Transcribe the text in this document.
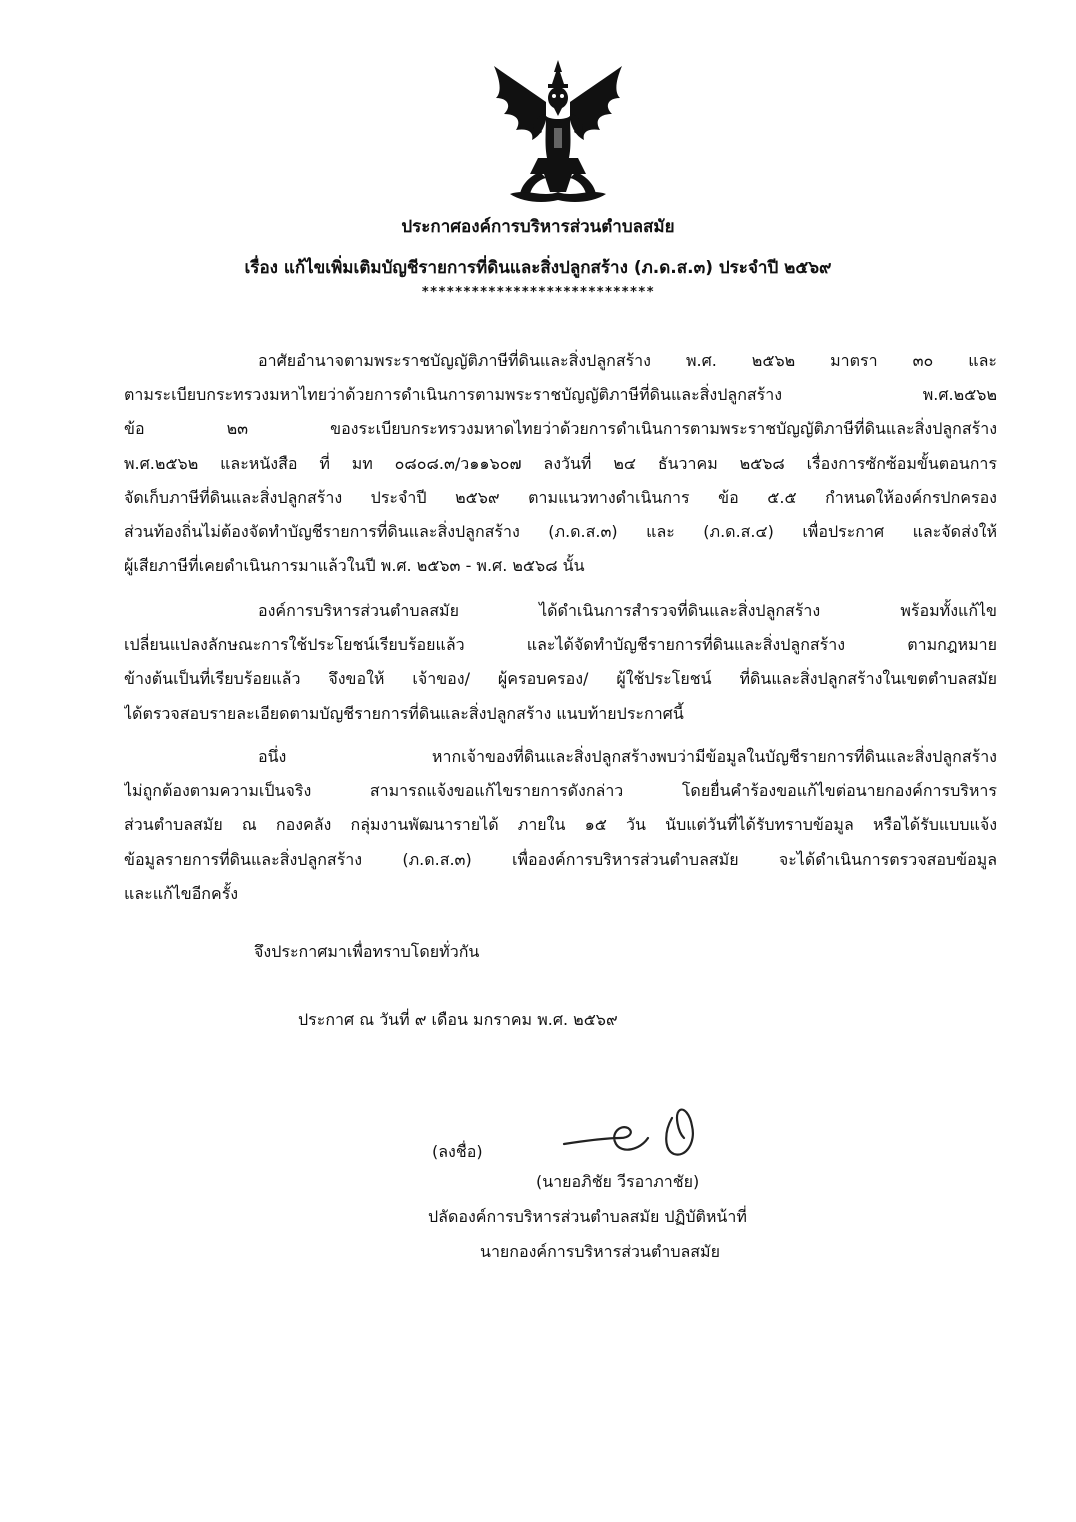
ประกาศองค์การบริหารส่วนตำบลสมัย
เรื่อง แก้ไขเพิ่มเติมบัญชีรายการที่ดินและสิ่งปลูกสร้าง (ภ.ด.ส.๓) ประจำปี ๒๕๖๙
****************************
อาศัยอำนาจตามพระราชบัญญัติภาษีที่ดินและสิ่งปลูกสร้าง พ.ศ. ๒๕๖๒ มาตรา ๓๐ และ
ตามระเบียบกระทรวงมหาไทยว่าด้วยการดำเนินการตามพระราชบัญญัติภาษีที่ดินและสิ่งปลูกสร้าง พ.ศ.๒๕๖๒
ข้อ ๒๓ ของระเบียบกระทรวงมหาดไทยว่าด้วยการดำเนินการตามพระราชบัญญัติภาษีที่ดินและสิ่งปลูกสร้าง
พ.ศ.๒๕๖๒ และหนังสือ ที่ มท ๐๘๐๘.๓/ว๑๑๖๐๗ ลงวันที่ ๒๔ ธันวาคม ๒๕๖๘ เรื่องการซักซ้อมขั้นตอนการ
จัดเก็บภาษีที่ดินและสิ่งปลูกสร้าง ประจำปี ๒๕๖๙ ตามแนวทางดำเนินการ ข้อ ๕.๕ กำหนดให้องค์กรปกครอง
ส่วนท้องถิ่นไม่ต้องจัดทำบัญชีรายการที่ดินและสิ่งปลูกสร้าง (ภ.ด.ส.๓) และ (ภ.ด.ส.๔) เพื่อประกาศ และจัดส่งให้
ผู้เสียภาษีที่เคยดำเนินการมาแล้วในปี พ.ศ. ๒๕๖๓ - พ.ศ. ๒๕๖๘ นั้น
องค์การบริหารส่วนตำบลสมัย ได้ดำเนินการสำรวจที่ดินและสิ่งปลูกสร้าง พร้อมทั้งแก้ไข
เปลี่ยนแปลงลักษณะการใช้ประโยชน์เรียบร้อยแล้ว และได้จัดทำบัญชีรายการที่ดินและสิ่งปลูกสร้าง ตามกฎหมาย
ข้างต้นเป็นที่เรียบร้อยแล้ว จึงขอให้ เจ้าของ/ ผู้ครอบครอง/ ผู้ใช้ประโยชน์ ที่ดินและสิ่งปลูกสร้างในเขตตำบลสมัย
ได้ตรวจสอบรายละเอียดตามบัญชีรายการที่ดินและสิ่งปลูกสร้าง แนบท้ายประกาศนี้
อนึ่ง หากเจ้าของที่ดินและสิ่งปลูกสร้างพบว่ามีข้อมูลในบัญชีรายการที่ดินและสิ่งปลูกสร้าง
ไม่ถูกต้องตามความเป็นจริง สามารถแจ้งขอแก้ไขรายการดังกล่าว โดยยื่นคำร้องขอแก้ไขต่อนายกองค์การบริหาร
ส่วนตำบลสมัย ณ กองคลัง กลุ่มงานพัฒนารายได้ ภายใน ๑๕ วัน นับแต่วันที่ได้รับทราบข้อมูล หรือได้รับแบบแจ้ง
ข้อมูลรายการที่ดินและสิ่งปลูกสร้าง (ภ.ด.ส.๓) เพื่อองค์การบริหารส่วนตำบลสมัย จะได้ดำเนินการตรวจสอบข้อมูล
และแก้ไขอีกครั้ง
จึงประกาศมาเพื่อทราบโดยทั่วกัน
ประกาศ ณ วันที่ ๙ เดือน มกราคม พ.ศ. ๒๕๖๙
(ลงชื่อ)
(นายอภิชัย วีรอาภาชัย)
ปลัดองค์การบริหารส่วนตำบลสมัย ปฏิบัติหน้าที่
นายกองค์การบริหารส่วนตำบลสมัย
